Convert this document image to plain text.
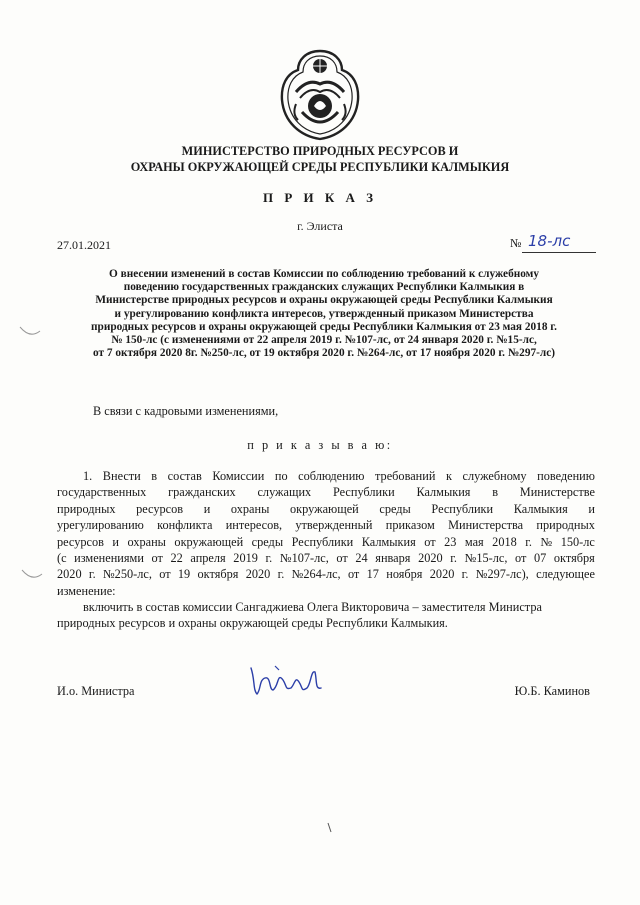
МИНИСТЕРСТВО ПРИРОДНЫХ РЕСУРСОВ И
ОХРАНЫ ОКРУЖАЮЩЕЙ СРЕДЫ РЕСПУБЛИКИ КАЛМЫКИЯ
П Р И К А З
г. Элиста
27.01.2021	№ 18-лс
О внесении изменений в состав Комиссии по соблюдению требований к служебному
поведению государственных гражданских служащих Республики Калмыкия в
Министерстве природных ресурсов и охраны окружающей среды Республики Калмыкия
и урегулированию конфликта интересов, утвержденный приказом Министерства
природных ресурсов и охраны окружающей среды Республики Калмыкия от 23 мая 2018 г.
№ 150-лс (с изменениями от 22 апреля 2019 г. №107-лс, от 24 января 2020 г. №15-лс,
от 7 октября 2020 8г. №250-лс, от 19 октября 2020 г. №264-лс, от 17 ноября 2020 г. №297-лс)
В связи с кадровыми изменениями,
п р и к а з ы в а ю:
1. Внести в состав Комиссии по соблюдению требований к служебному поведению
государственных гражданских служащих Республики Калмыкия в Министерстве
природных ресурсов и охраны окружающей среды Республики Калмыкия и
урегулированию конфликта интересов, утвержденный приказом Министерства природных
ресурсов и охраны окружающей среды Республики Калмыкия от 23 мая 2018 г. № 150-лс
(с изменениями от 22 апреля 2019 г. №107-лс, от 24 января 2020 г. №15-лс, от 07 октября
2020 г. №250-лс, от 19 октября 2020 г. №264-лс, от 17 ноября 2020 г. №297-лс), следующее
изменение:
включить в состав комиссии Сангаджиева Олега Викторовича – заместителя Министра
природных ресурсов и охраны окружающей среды Республики Калмыкия.
И.о. Министра	Ю.Б. Каминов
